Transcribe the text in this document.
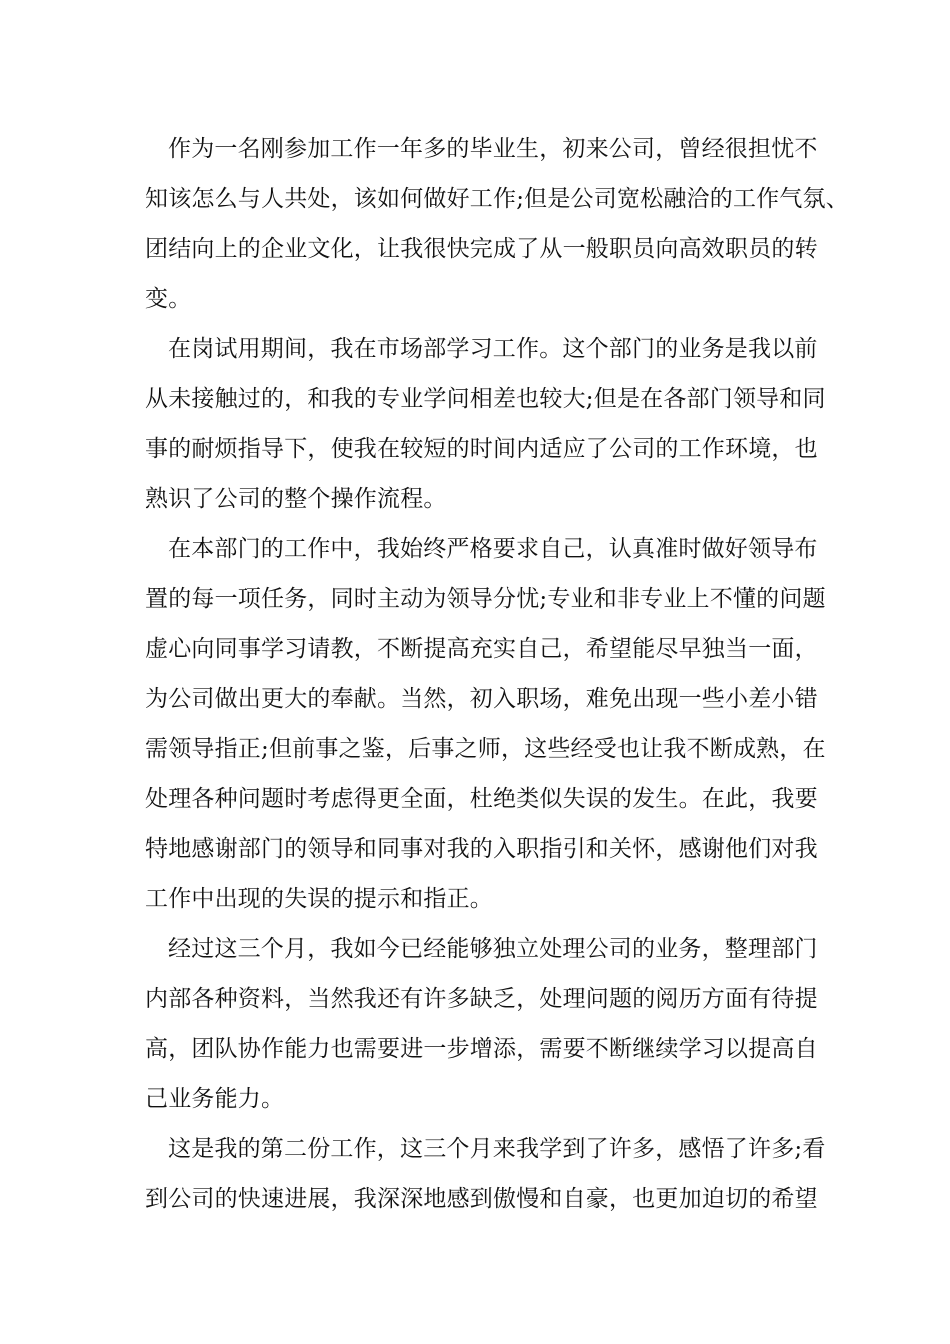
作为一名刚参加工作一年多的毕业生，初来公司，曾经很担忧不
知该怎么与人共处，该如何做好工作;但是公司宽松融洽的工作气氛、
团结向上的企业文化，让我很快完成了从一般职员向高效职员的转
变。
在岗试用期间，我在市场部学习工作。这个部门的业务是我以前
从未接触过的，和我的专业学问相差也较大;但是在各部门领导和同
事的耐烦指导下，使我在较短的时间内适应了公司的工作环境，也
熟识了公司的整个操作流程。
在本部门的工作中，我始终严格要求自己，认真准时做好领导布
置的每一项任务，同时主动为领导分忧;专业和非专业上不懂的问题
虚心向同事学习请教，不断提高充实自己，希望能尽早独当一面，
为公司做出更大的奉献。当然，初入职场，难免出现一些小差小错
需领导指正;但前事之鉴，后事之师，这些经受也让我不断成熟，在
处理各种问题时考虑得更全面，杜绝类似失误的发生。在此，我要
特地感谢部门的领导和同事对我的入职指引和关怀，感谢他们对我
工作中出现的失误的提示和指正。
经过这三个月，我如今已经能够独立处理公司的业务，整理部门
内部各种资料，当然我还有许多缺乏，处理问题的阅历方面有待提
高，团队协作能力也需要进一步增添，需要不断继续学习以提高自
己业务能力。
这是我的第二份工作，这三个月来我学到了许多，感悟了许多;看
到公司的快速进展，我深深地感到傲慢和自豪，也更加迫切的希望
